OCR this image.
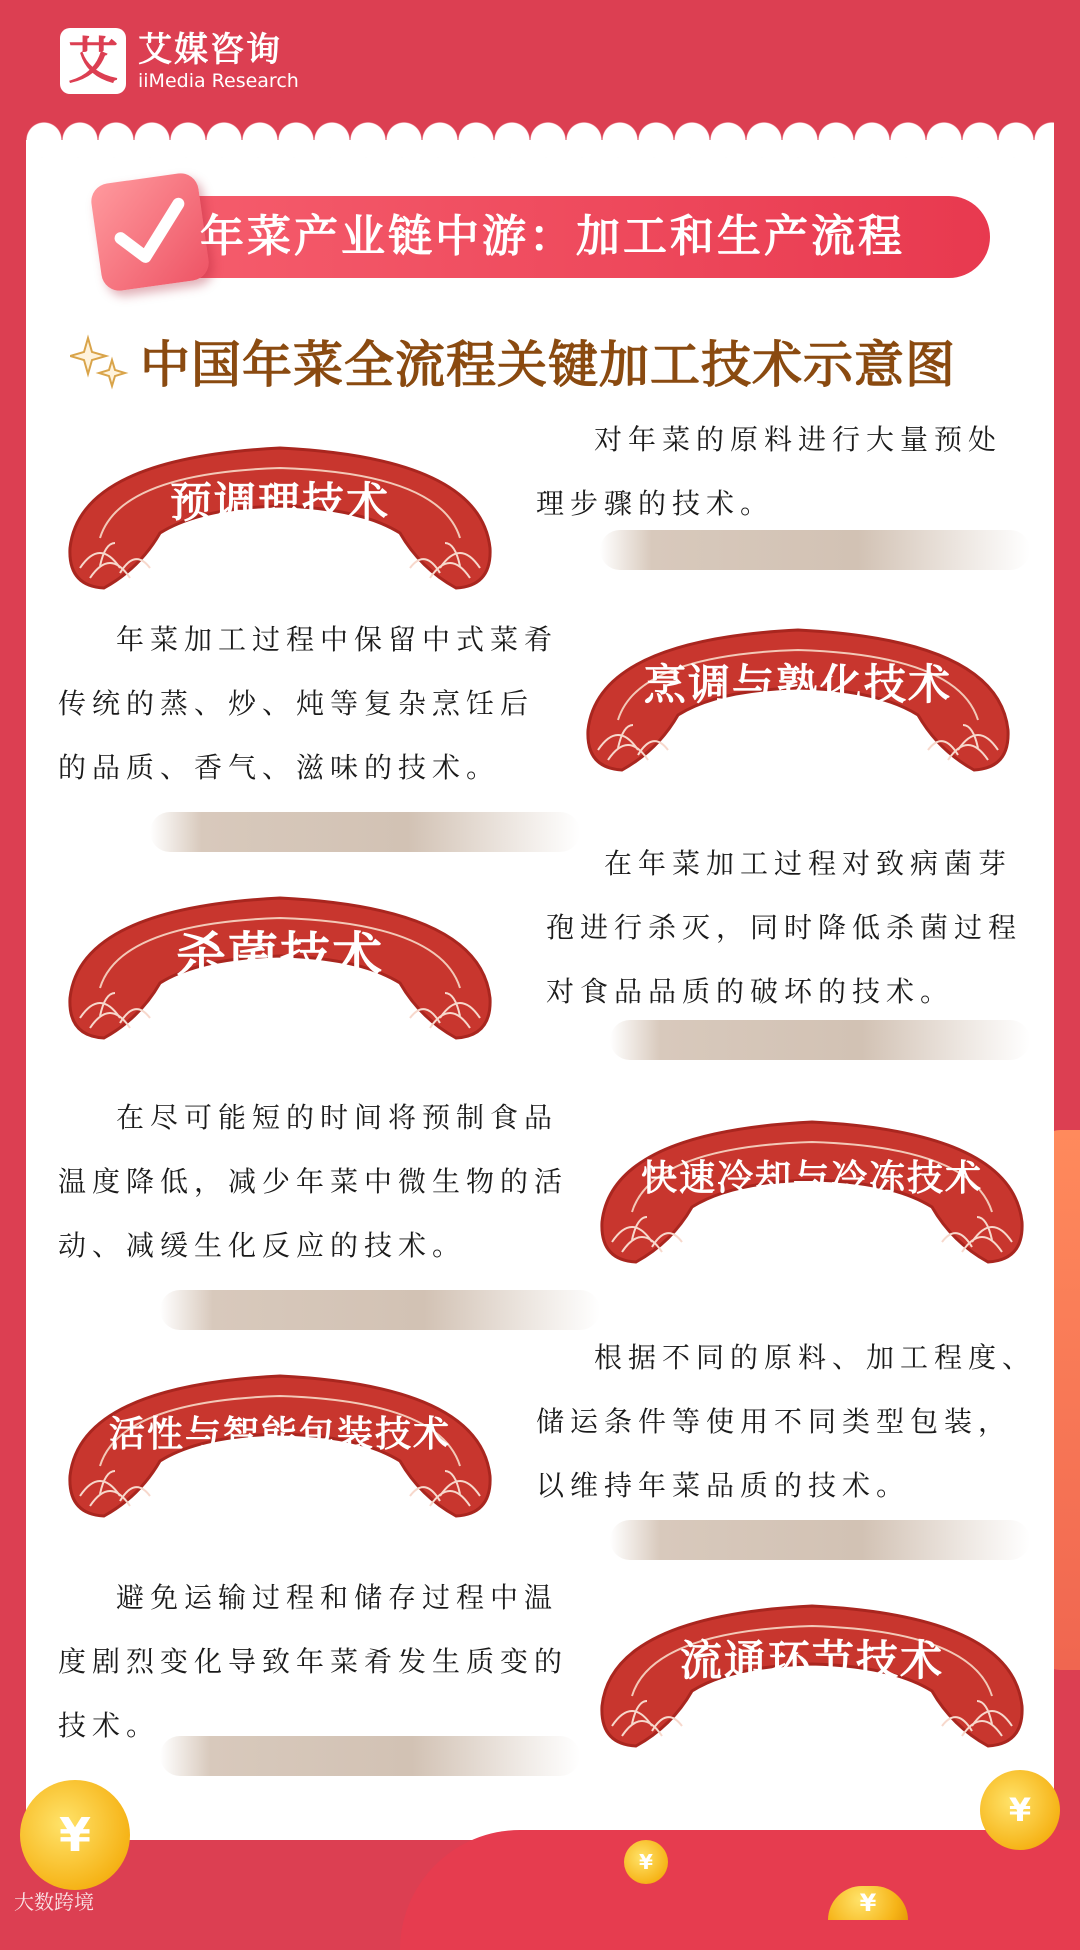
艾 艾媒咨询
iiMedia Research
年菜产业链中游：加工和生产流程
中国年菜全流程关键加工技术示意图
预调理技术
对年菜的原料进行大量预处理步骤的技术。
年菜加工过程中保留中式菜肴传统的蒸、炒、炖等复杂烹饪后的品质、香气、滋味的技术。
烹调与熟化技术
杀菌技术
在年菜加工过程对致病菌芽孢进行杀灭，同时降低杀菌过程对食品品质的破坏的技术。
在尽可能短的时间将预制食品温度降低，减少年菜中微生物的活动、减缓生化反应的技术。
快速冷却与冷冻技术
活性与智能包装技术
根据不同的原料、加工程度、储运条件等使用不同类型包装，以维持年菜品质的技术。
避免运输过程和储存过程中温度剧烈变化导致年菜肴发生质变的技术。
流通环节技术
¥	¥
¥
¥
大数跨境
